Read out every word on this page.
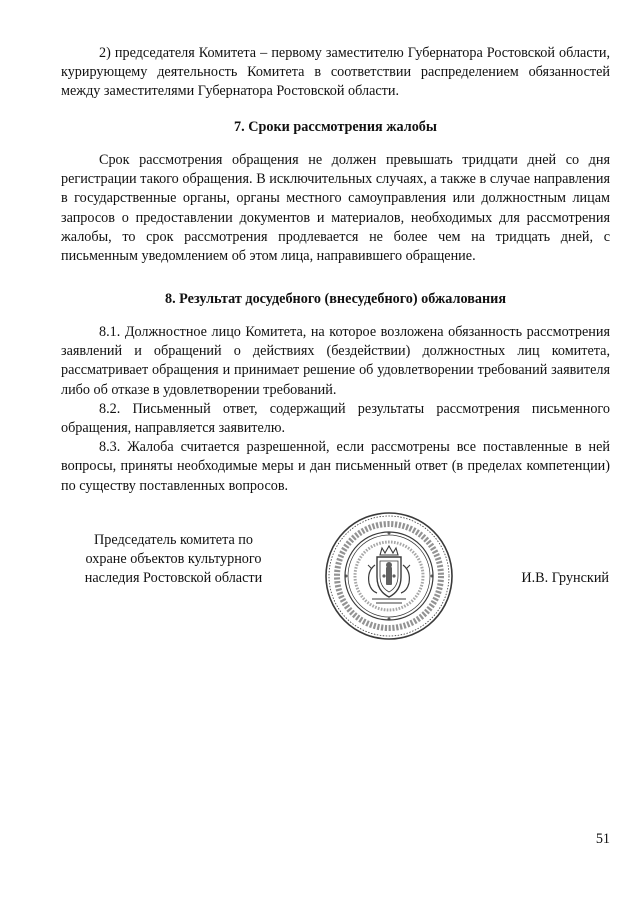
2) председателя Комитета – первому заместителю Губернатора Ростовской области, курирующему деятельность Комитета в соответствии распределением обязанностей между заместителями Губернатора Ростовской области.

7. Сроки рассмотрения жалобы

Срок рассмотрения обращения не должен превышать тридцати дней со дня регистрации такого обращения. В исключительных случаях, а также в случае направления в государственные органы, органы местного самоуправления или должностным лицам запросов о предоставлении документов и материалов, необходимых для рассмотрения жалобы, то срок рассмотрения продлевается не более чем на тридцать дней, с письменным уведомлением об этом лица, направившего обращение.

8. Результат досудебного (внесудебного) обжалования

8.1. Должностное лицо Комитета, на которое возложена обязанность рассмотрения заявлений и обращений о действиях (бездействии) должностных лиц комитета, рассматривает обращения и принимает решение об удовлетворении требований заявителя либо об отказе в удовлетворении требований.

8.2. Письменный ответ, содержащий результаты рассмотрения письменного обращения, направляется заявителю.

8.3. Жалоба считается разрешенной, если рассмотрены все поставленные в ней вопросы, приняты необходимые меры и дан письменный ответ (в пределах компетенции) по существу поставленных вопросов.

Председатель комитета по
охране объектов культурного
наследия Ростовской области	И.В. Грунский
51
